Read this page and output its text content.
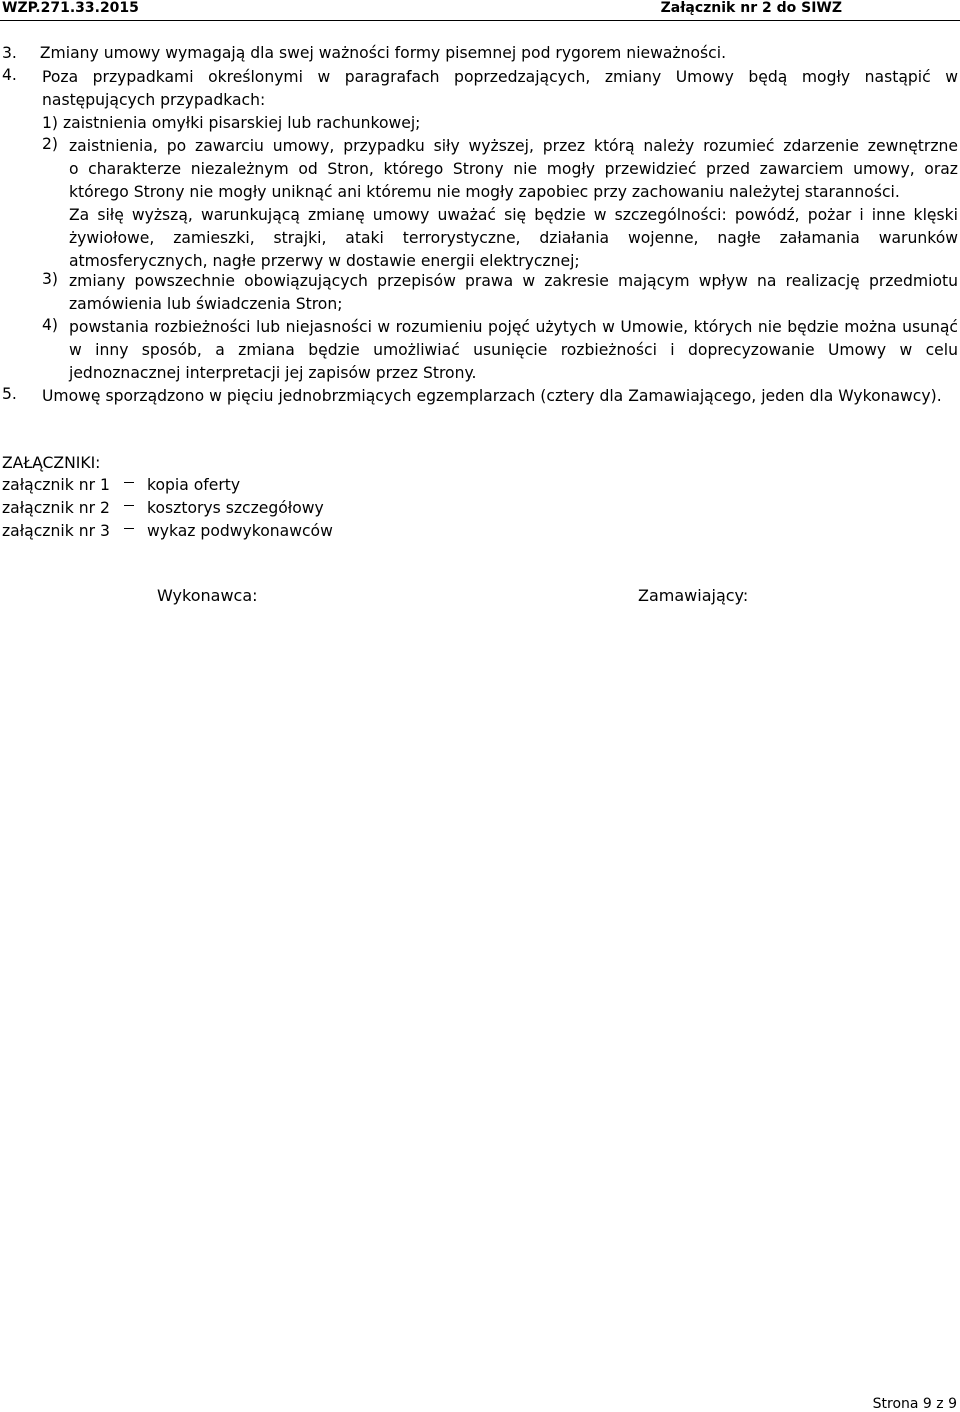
WZP.271.33.2015	Załącznik nr 2 do SIWZ
3. Zmiany umowy wymagają dla swej ważności formy pisemnej pod rygorem nieważności.
4. Poza przypadkami określonymi w paragrafach poprzedzających, zmiany Umowy będą mogły nastąpić w
następujących przypadkach:
1) zaistnienia omyłki pisarskiej lub rachunkowej;
2) zaistnienia, po zawarciu umowy, przypadku siły wyższej, przez którą należy rozumieć zdarzenie zewnętrzne
o charakterze niezależnym od Stron, którego Strony nie mogły przewidzieć przed zawarciem umowy, oraz którego Strony nie mogły uniknąć ani któremu nie mogły zapobiec przy zachowaniu należytej staranności.
Za siłę wyższą, warunkującą zmianę umowy uważać się będzie w szczególności: powódź, pożar i inne klęski żywiołowe, zamieszki, strajki, ataki terrorystyczne, działania wojenne, nagłe załamania warunków atmosferycznych, nagłe przerwy w dostawie energii elektrycznej;
3) zmiany powszechnie obowiązujących przepisów prawa w zakresie mającym wpływ na realizację przedmiotu zamówienia lub świadczenia Stron;
4) powstania rozbieżności lub niejasności w rozumieniu pojęć użytych w Umowie, których nie będzie można usunąć w inny sposób, a zmiana będzie umożliwiać usunięcie rozbieżności i doprecyzowanie Umowy w celu jednoznacznej interpretacji jej zapisów przez Strony.
5. Umowę sporządzono w pięciu jednobrzmiących egzemplarzach (cztery dla Zamawiającego, jeden dla Wykonawcy).
ZAŁĄCZNIKI:
załącznik nr 1 kopia oferty
załącznik nr 2 kosztorys szczegółowy
załącznik nr 3 wykaz podwykonawców
Wykonawca:	Zamawiający:
Strona 9 z 9
